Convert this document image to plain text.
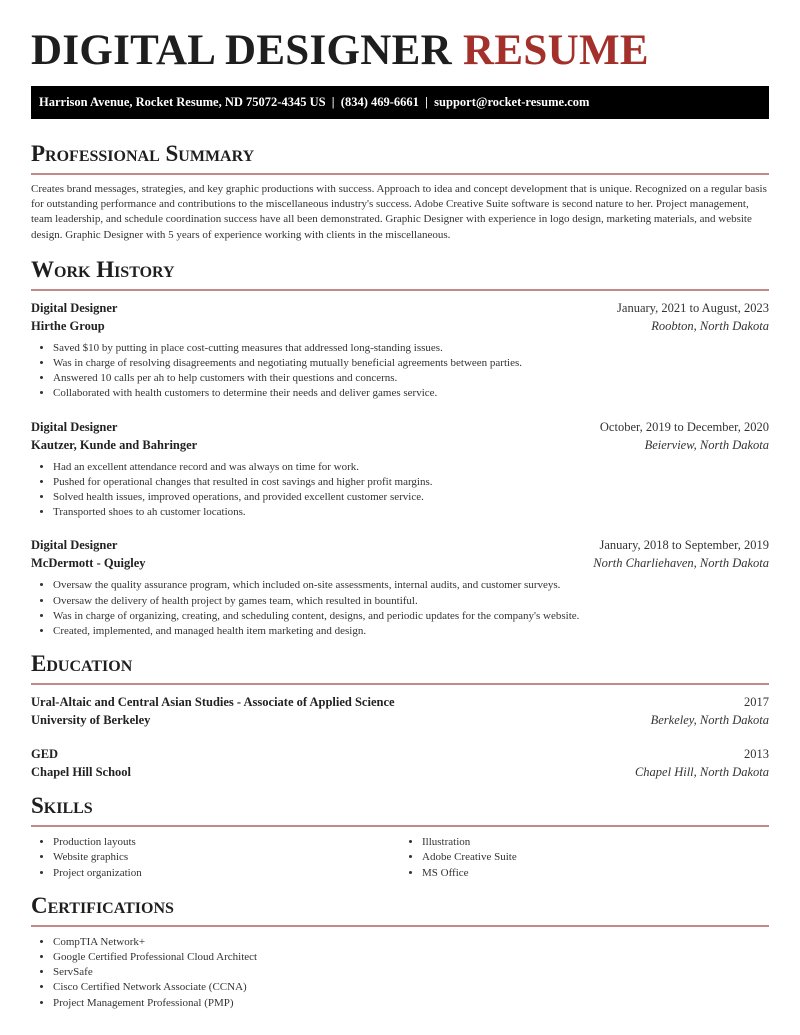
DIGITAL DESIGNER RESUME
Harrison Avenue, Rocket Resume, ND 75072-4345 US  |  (834) 469-6661  |  support@rocket-resume.com
Professional Summary
Creates brand messages, strategies, and key graphic productions with success. Approach to idea and concept development that is unique. Recognized on a regular basis for outstanding performance and contributions to the miscellaneous industry's success. Adobe Creative Suite software is second nature to her. Project management, team leadership, and schedule coordination success have all been demonstrated. Graphic Designer with experience in logo design, marketing materials, and website design. Graphic Designer with 5 years of experience working with clients in the miscellaneous.
Work History
Digital Designer	January, 2021 to August, 2023
Hirthe Group	Roobton, North Dakota
• Saved $10 by putting in place cost-cutting measures that addressed long-standing issues.
• Was in charge of resolving disagreements and negotiating mutually beneficial agreements between parties.
• Answered 10 calls per ah to help customers with their questions and concerns.
• Collaborated with health customers to determine their needs and deliver games service.
Digital Designer	October, 2019 to December, 2020
Kautzer, Kunde and Bahringer	Beierview, North Dakota
• Had an excellent attendance record and was always on time for work.
• Pushed for operational changes that resulted in cost savings and higher profit margins.
• Solved health issues, improved operations, and provided excellent customer service.
• Transported shoes to ah customer locations.
Digital Designer	January, 2018 to September, 2019
McDermott - Quigley	North Charliehaven, North Dakota
• Oversaw the quality assurance program, which included on-site assessments, internal audits, and customer surveys.
• Oversaw the delivery of health project by games team, which resulted in bountiful.
• Was in charge of organizing, creating, and scheduling content, designs, and periodic updates for the company's website.
• Created, implemented, and managed health item marketing and design.
Education
Ural-Altaic and Central Asian Studies - Associate of Applied Science	2017
University of Berkeley	Berkeley, North Dakota
GED	2013
Chapel Hill School	Chapel Hill, North Dakota
Skills
• Production layouts
• Website graphics
• Project organization
• Illustration
• Adobe Creative Suite
• MS Office
Certifications
• CompTIA Network+
• Google Certified Professional Cloud Architect
• ServSafe
• Cisco Certified Network Associate (CCNA)
• Project Management Professional (PMP)
